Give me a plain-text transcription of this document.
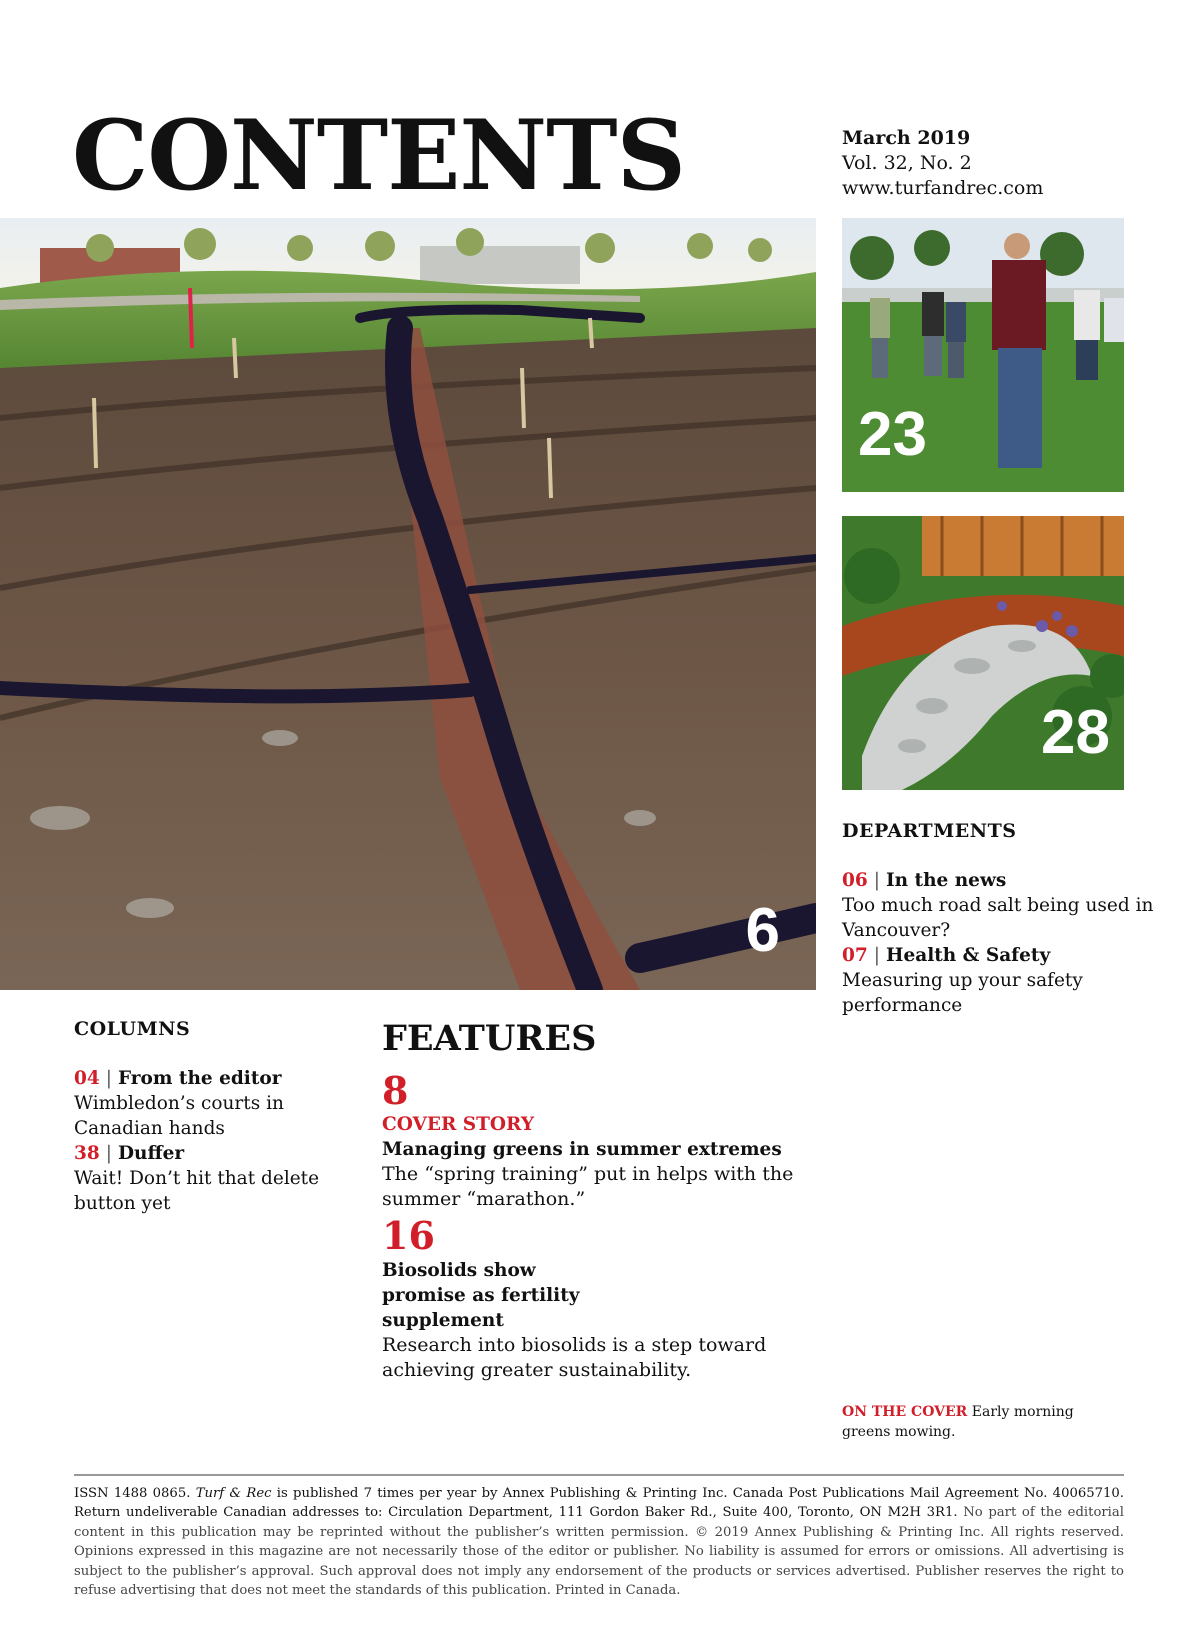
CONTENTS	March 2019
Vol. 32, No. 2
www.turfandrec.com
6
23
28
DEPARTMENTS
06 | In the news
Too much road salt being used in Vancouver?
07 | Health & Safety
Measuring up your safety performance
COLUMNS
04 | From the editor
Wimbledon’s courts in Canadian hands
38 | Duffer
Wait! Don’t hit that delete button yet
FEATURES
8
COVER STORY
Managing greens in summer extremes
The “spring training” put in helps with the summer “marathon.”
16
Biosolids show promise as fertility supplement
Research into biosolids is a step toward achieving greater sustainability.
ON THE COVER Early morning greens mowing.
ISSN 1488 0865. Turf & Rec is published 7 times per year by Annex Publishing & Printing Inc. Canada Post Publications Mail Agreement No. 40065710. Return undeliverable Canadian addresses to: Circulation Department, 111 Gordon Baker Rd., Suite 400, Toronto, ON M2H 3R1. No part of the editorial content in this publication may be reprinted without the publisher’s written permission. © 2019 Annex Publishing & Printing Inc. All rights reserved. Opinions expressed in this magazine are not necessarily those of the editor or publisher. No liability is assumed for errors or omissions. All advertising is subject to the publisher’s approval. Such approval does not imply any endorsement of the products or services advertised. Publisher reserves the right to refuse advertising that does not meet the standards of this publication. Printed in Canada.
